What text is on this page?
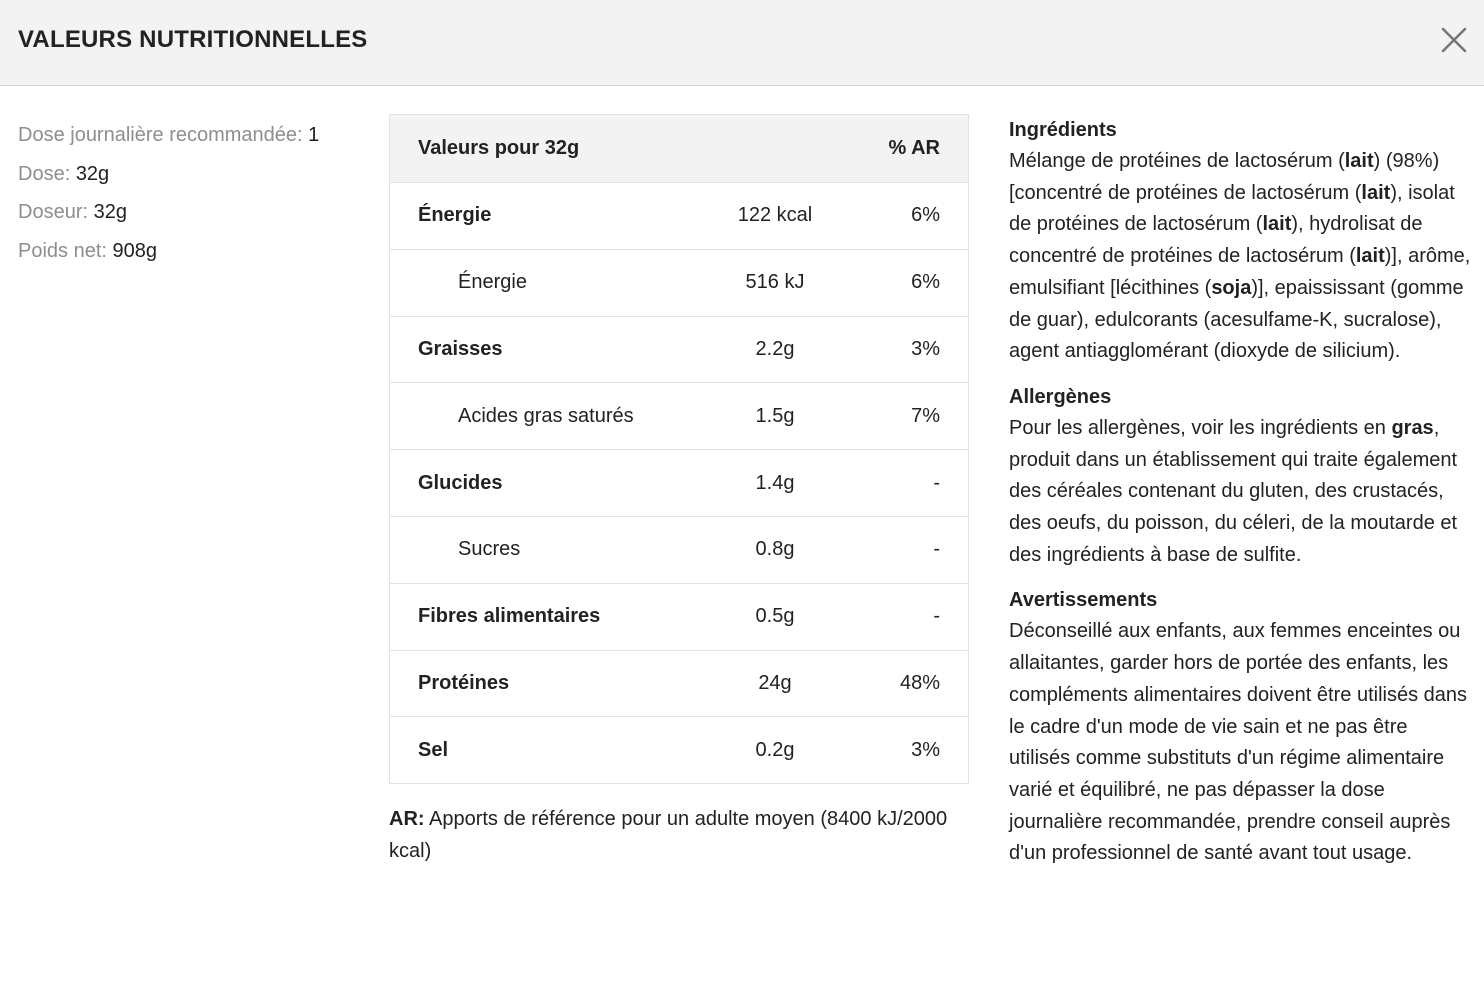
VALEURS NUTRITIONNELLES
Dose journalière recommandée: 1
Dose: 32g
Doseur: 32g
Poids net: 908g
Valeurs pour 32g	% AR
Énergie	122 kcal	6%
Énergie	516 kJ	6%
Graisses	2.2g	3%
Acides gras saturés	1.5g	7%
Glucides	1.4g	-
Sucres	0.8g	-
Fibres alimentaires	0.5g	-
Protéines	24g	48%
Sel	0.2g	3%
AR: Apports de référence pour un adulte moyen (8400 kJ/2000 kcal)
Ingrédients
Mélange de protéines de lactosérum (lait) (98%)[concentré de protéines de lactosérum (lait), isolat de protéines de lactosérum (lait), hydrolisat de concentré de protéines de lactosérum (lait)], arôme, emulsifiant [lécithines (soja)], epaississant (gomme de guar), edulcorants (acesulfame-K, sucralose), agent antiagglomérant (dioxyde de silicium).
Allergènes
Pour les allergènes, voir les ingrédients en gras, produit dans un établissement qui traite également des céréales contenant du gluten, des crustacés, des oeufs, du poisson, du céleri, de la moutarde et des ingrédients à base de sulfite.
Avertissements
Déconseillé aux enfants, aux femmes enceintes ou allaitantes, garder hors de portée des enfants, les compléments alimentaires doivent être utilisés dans le cadre d'un mode de vie sain et ne pas être utilisés comme substituts d'un régime alimentaire varié et équilibré, ne pas dépasser la dose journalière recommandée, prendre conseil auprès d'un professionnel de santé avant tout usage.
